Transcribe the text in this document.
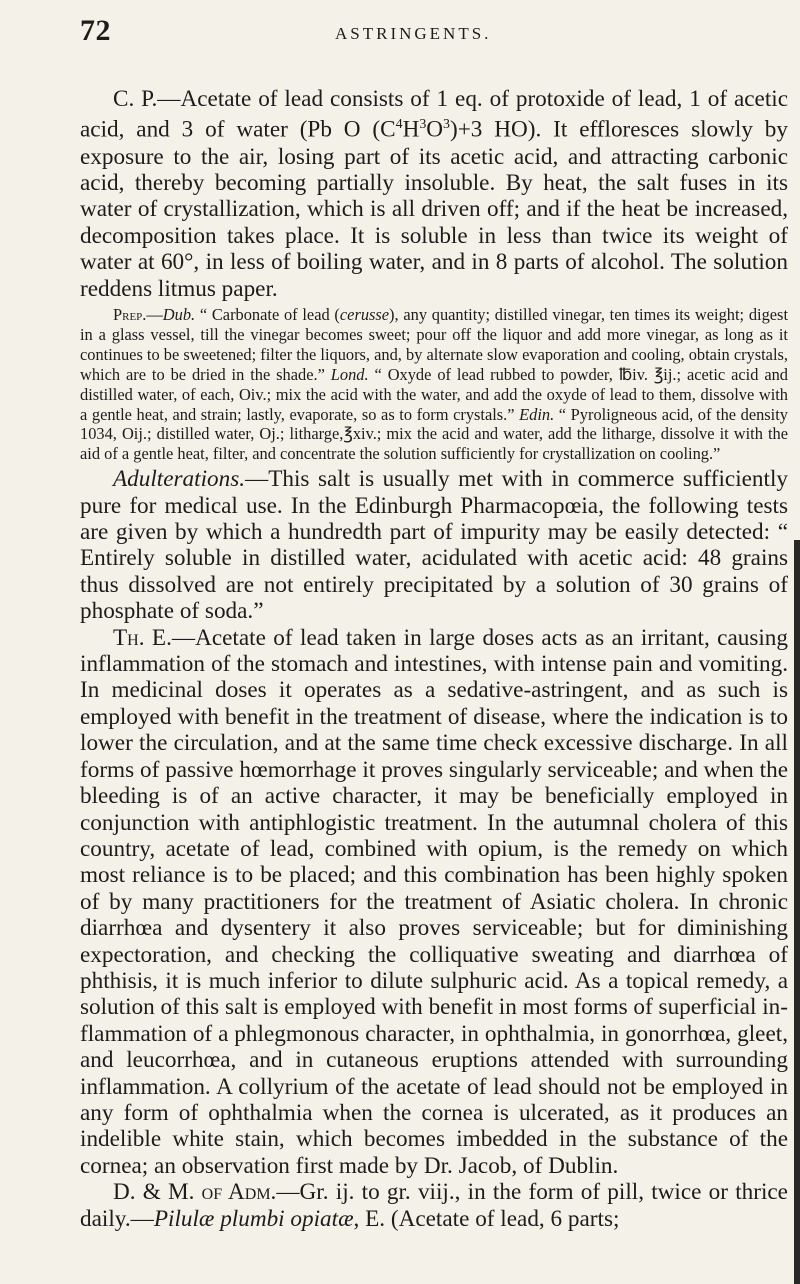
72	ASTRINGENTS.

C. P.—Acetate of lead consists of 1 eq. of protoxide of lead, 1 of acetic acid, and 3 of water (Pb O $(C^4H^3O^3)+3$ HO). It effloresces slowly by exposure to the air, losing part of its acetic acid, and attracting carbonic acid, thereby becoming partially insoluble. By heat, the salt fuses in its water of crystallization, which is all driven off; and if the heat be increased, decomposition takes place. It is soluble in less than twice its weight of water at 60°, in less of boiling water, and in 8 parts of alcohol. The solution reddens litmus paper.

Prep.—Dub. “ Carbonate of lead (cerusse), any quantity; distilled vinegar, ten times its weight; digest in a glass vessel, till the vinegar becomes sweet; pour off the liquor and add more vinegar, as long as it continues to be sweetened; filter the liquors, and, by alternate slow evaporation and cooling, obtain crystals, which are to be dried in the shade.” Lond. “ Oxyde of lead rubbed to powder, ℔iv. ℥ij.; acetic acid and distilled water, of each, Oiv.; mix the acid with the water, and add the oxyde of lead to them, dissolve with a gentle heat, and strain; lastly, evaporate, so as to form crystals.” Edin. “ Pyroligneous acid, of the density 1034, Oij.; distilled water, Oj.; litharge,℥xiv.; mix the acid and water, add the litharge, dissolve it with the aid of a gentle heat, filter, and concentrate the solution sufficiently for crystallization on cooling.”

Adulterations.—This salt is usually met with in commerce sufficiently pure for medical use. In the Edinburgh Pharmacopœia, the following tests are given by which a hundredth part of impurity may be easily detected: “ Entirely soluble in distilled water, acidulated with acetic acid: 48 grains thus dissolved are not entirely precipitated by a solution of 30 grains of phosphate of soda.”

Th. E.—Acetate of lead taken in large doses acts as an irritant, causing inflammation of the stomach and intestines, with intense pain and vomiting. In medicinal doses it operates as a sedative-astringent, and as such is employed with benefit in the treatment of disease, where the indication is to lower the circulation, and at the same time check excessive discharge. In all forms of passive hœmorrhage it proves singularly serviceable; and when the bleeding is of an active character, it may be beneficially employed in conjunction with antiphlogistic treatment. In the autumnal cholera of this country, acetate of lead, combined with opium, is the remedy on which most reliance is to be placed; and this combination has been highly spoken of by many practitioners for the treatment of Asiatic cholera. In chronic diarrhœa and dysentery it also proves serviceable; but for diminishing expectoration, and checking the colliquative sweating and diarrhœa of phthisis, it is much inferior to dilute sulphuric acid. As a topical remedy, a solution of this salt is employed with benefit in most forms of superficial inflammation of a phlegmonous character, in ophthalmia, in gonorrhœa, gleet, and leucorrhœa, and in cutaneous eruptions attended with surrounding inflammation. A collyrium of the acetate of lead should not be employed in any form of ophthalmia when the cornea is ulcerated, as it produces an indelible white stain, which becomes imbedded in the substance of the cornea; an observation first made by Dr. Jacob, of Dublin.

D. & M. of Adm.—Gr. ij. to gr. viij., in the form of pill, twice or thrice daily.—Pilulæ plumbi opiatæ, E. (Acetate of lead, 6 parts;
